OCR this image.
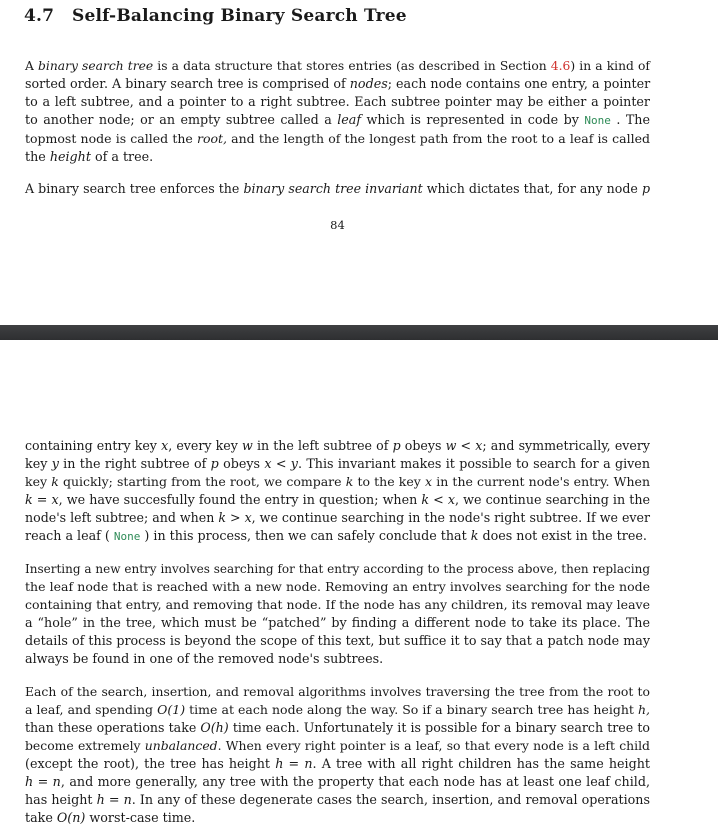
4.7 Self-Balancing Binary Search Tree
A binary search tree is a data structure that stores entries (as described in Section 4.6) in a kind of
sorted order. A binary search tree is comprised of nodes; each node contains one entry, a pointer
to a left subtree, and a pointer to a right subtree. Each subtree pointer may be either a pointer
to another node; or an empty subtree called a leaf which is represented in code by None . The
topmost node is called the root, and the length of the longest path from the root to a leaf is called
the height of a tree.
A binary search tree enforces the binary search tree invariant which dictates that, for any node p
84
containing entry key x, every key w in the left subtree of p obeys w < x; and symmetrically, every
key y in the right subtree of p obeys x < y. This invariant makes it possible to search for a given
key k quickly; starting from the root, we compare k to the key x in the current node's entry. When
k = x, we have succesfully found the entry in question; when k < x, we continue searching in the
node's left subtree; and when k > x, we continue searching in the node's right subtree. If we ever
reach a leaf ( None ) in this process, then we can safely conclude that k does not exist in the tree.
Inserting a new entry involves searching for that entry according to the process above, then replacing
the leaf node that is reached with a new node. Removing an entry involves searching for the node
containing that entry, and removing that node. If the node has any children, its removal may leave
a “hole” in the tree, which must be “patched” by finding a different node to take its place. The
details of this process is beyond the scope of this text, but suffice it to say that a patch node may
always be found in one of the removed node's subtrees.
Each of the search, insertion, and removal algorithms involves traversing the tree from the root to
a leaf, and spending O(1) time at each node along the way. So if a binary search tree has height h,
than these operations take O(h) time each. Unfortunately it is possible for a binary search tree to
become extremely unbalanced. When every right pointer is a leaf, so that every node is a left child
(except the root), the tree has height h = n. A tree with all right children has the same height
h = n, and more generally, any tree with the property that each node has at least one leaf child,
has height h = n. In any of these degenerate cases the search, insertion, and removal operations
take O(n) worst-case time.
